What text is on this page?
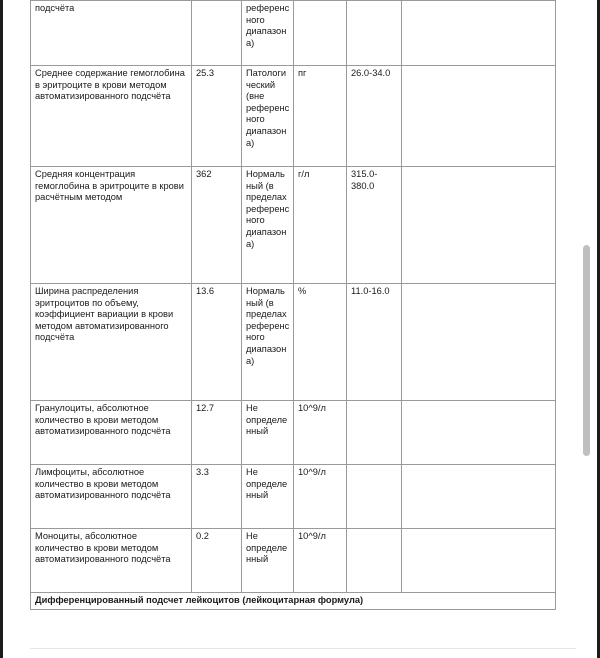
подсчёта		референсного диапазона)			
Среднее содержание гемоглобина в эритроците в крови методом автоматизированного подсчёта	25.3	Патологический (вне референсного диапазона)	пг	26.0-34.0	
Средняя концентрация гемоглобина в эритроците в крови расчётным методом	362	Нормальный (в пределах референсного диапазона)	г/л	315.0-380.0	
Ширина распределения эритроцитов по объему, коэффициент вариации в крови методом автоматизированного подсчёта	13.6	Нормальный (в пределах референсного диапазона)	%	11.0-16.0	
Гранулоциты, абсолютное количество в крови методом автоматизированного подсчёта	12.7	Не определенный	10^9/л		
Лимфоциты, абсолютное количество в крови методом автоматизированного подсчёта	3.3	Не определенный	10^9/л		
Моноциты, абсолютное количество в крови методом автоматизированного подсчёта	0.2	Не определенный	10^9/л		
Дифференцированный подсчет лейкоцитов (лейкоцитарная формула)					
